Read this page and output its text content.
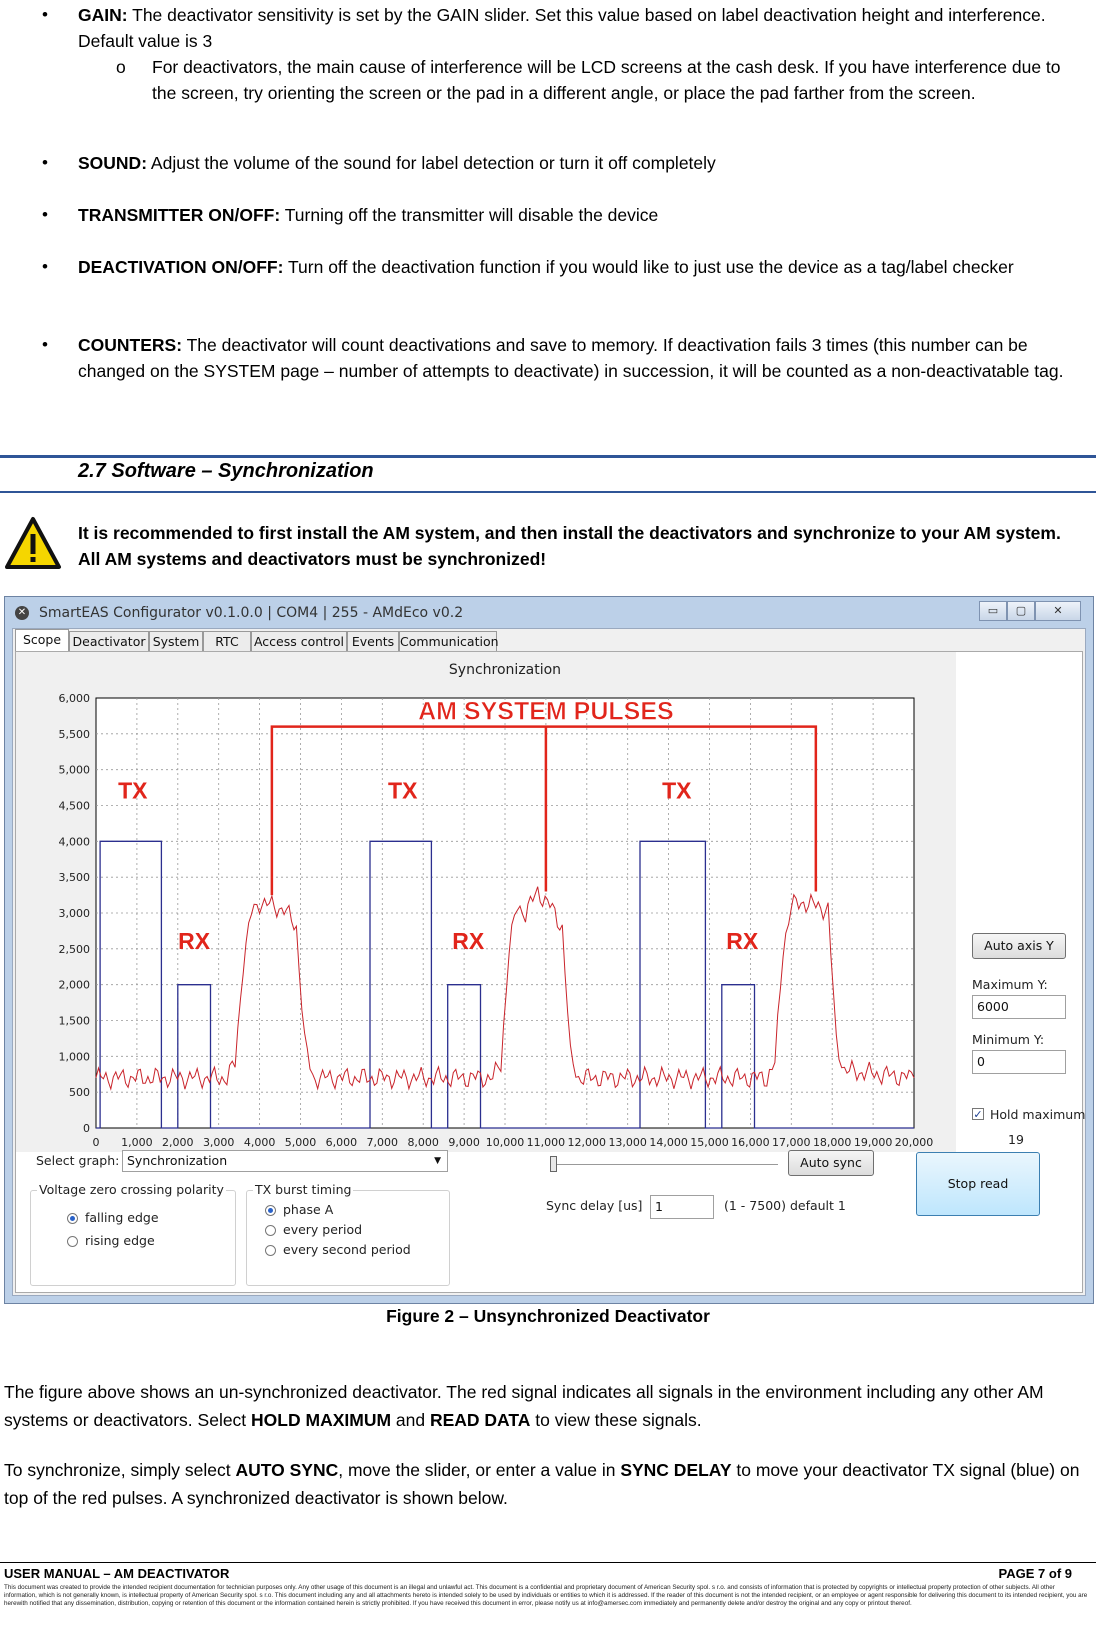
• GAIN: The deactivator sensitivity is set by the GAIN slider. Set this value based on label deactivation height and interference. Default value is 3
o For deactivators, the main cause of interference will be LCD screens at the cash desk. If you have interference due to the screen, try orienting the screen or the pad in a different angle, or place the pad farther from the screen.
• SOUND: Adjust the volume of the sound for label detection or turn it off completely
• TRANSMITTER ON/OFF: Turning off the transmitter will disable the device
• DEACTIVATION ON/OFF: Turn off the deactivation function if you would like to just use the device as a tag/label checker
• COUNTERS: The deactivator will count deactivations and save to memory. If deactivation fails 3 times (this number can be changed on the SYSTEM page – number of attempts to deactivate) in succession, it will be counted as a non-deactivatable tag.
2.7 Software – Synchronization
It is recommended to first install the AM system, and then install the deactivators and synchronize to your AM system. All AM systems and deactivators must be synchronized!
✕ SmartEAS Configurator v0.1.0.0 | COM4 | 255 - AMdEco v0.2	▭	▢	✕
Scope Deactivator System	RTC	Access control Events Communication
Synchronization
0 1,000 2,000 3,000 4,000 5,000 6,000 7,000 8,000 9,000 10,000 11,000 12,000 13,000 14,000 15,000 16,000 17,000 18,000 19,000 20,000
0
500
1,000
1,500
2,000
2,500
3,000
3,500
4,000
4,500
5,000
5,500
6,000	AM SYSTEM PULSES
TX	TX	TX
RX	RX	RX	Auto axis Y
Maximum Y:
6000
Minimum Y:
0
✓ Hold maximum
19
Select graph: Synchronization	▼
Voltage zero crossing polarity
falling edge
rising edge
TX burst timing
phase A
every period
every second period
Auto sync
Sync delay [us]	1	(1 - 7500) default 1
Stop read
Figure 2 – Unsynchronized Deactivator
The figure above shows an un-synchronized deactivator. The red signal indicates all signals in the environment including any other AM systems or deactivators. Select HOLD MAXIMUM and READ DATA to view these signals.
To synchronize, simply select AUTO SYNC, move the slider, or enter a value in SYNC DELAY to move your deactivator TX signal (blue) on top of the red pulses. A synchronized deactivator is shown below.
USER MANUAL – AM DEACTIVATOR	PAGE 7 of 9
This document was created to provide the intended recipient documentation for technician purposes only. Any other usage of this document is an illegal and unlawful act. This document is a confidential and proprietary document of American Security spol. s r.o. and consists of information that is protected by copyrights or intellectual property protection of other subjects. All other information, which is not generally known, is intellectual property of American Security spol. s r.o. This document including any and all attachments hereto is intended solely to be used by individuals or entities to which it is addressed. If the reader of this document is not the intended recipient, or an employee or agent responsible for delivering this document to its intended recipient, you are herewith notified that any dissemination, distribution, copying or retention of this document or the information contained herein is strictly prohibited. If you have received this document in error, please notify us at info@amersec.com immediately and permanently delete and/or destroy the original and any copy or printout thereof.
